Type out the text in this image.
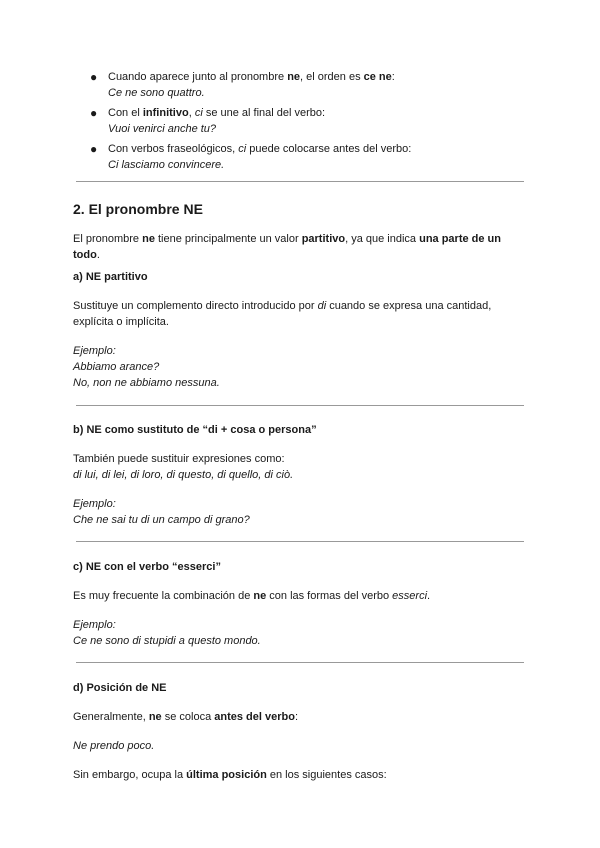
● Cuando aparece junto al pronombre ne, el orden es ce ne:
Ce ne sono quattro.
● Con el infinitivo, ci se une al final del verbo:
Vuoi venirci anche tu?
● Con verbos fraseológicos, ci puede colocarse antes del verbo:
Ci lasciamo convincere.
2. El pronombre NE

El pronombre ne tiene principalmente un valor partitivo, ya que indica una parte de un todo.

a) NE partitivo

Sustituye un complemento directo introducido por di cuando se expresa una cantidad, explícita o implícita.

Ejemplo:
Abbiamo arance?
No, non ne abbiamo nessuna.

b) NE como sustituto de “di + cosa o persona”

También puede sustituir expresiones como:
di lui, di lei, di loro, di questo, di quello, di ciò.

Ejemplo:
Che ne sai tu di un campo di grano?

c) NE con el verbo “esserci”

Es muy frecuente la combinación de ne con las formas del verbo esserci.

Ejemplo:
Ce ne sono di stupidi a questo mondo.

d) Posición de NE

Generalmente, ne se coloca antes del verbo:

Ne prendo poco.

Sin embargo, ocupa la última posición en los siguientes casos:
